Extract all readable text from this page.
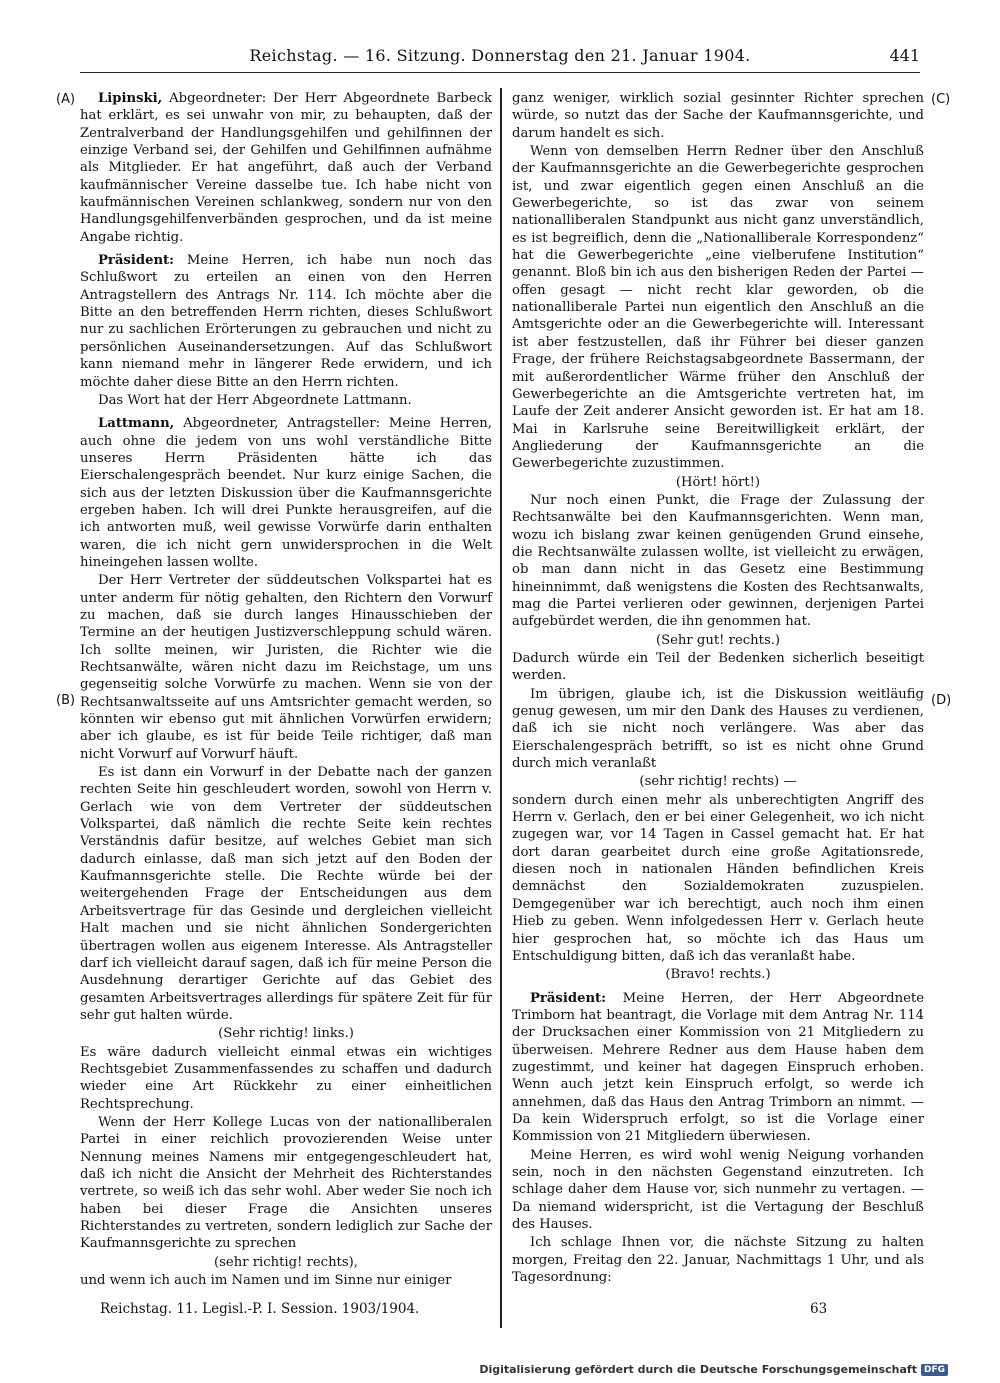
Reichstag. — 16. Sitzung. Donnerstag den 21. Januar 1904.	441
(A)
(B)
(C)
(D)

Lipinski, Abgeordneter: Der Herr Abgeordnete Barbeck hat erklärt, es sei unwahr von mir, zu behaupten, daß der Zentralverband der Handlungsgehilfen und gehilfinnen der einzige Verband sei, der Gehilfen und Gehilfinnen aufnähme als Mitglieder. Er hat angeführt, daß auch der Verband kaufmännischer Vereine dasselbe tue. Ich habe nicht von kaufmännischen Vereinen schlankweg, sondern nur von den Handlungsgehilfenverbänden gesprochen, und da ist meine Angabe richtig.

Präsident: Meine Herren, ich habe nun noch das Schlußwort zu erteilen an einen von den Herren Antragstellern des Antrags Nr. 114. Ich möchte aber die Bitte an den betreffenden Herrn richten, dieses Schlußwort nur zu sachlichen Erörterungen zu gebrauchen und nicht zu persönlichen Auseinandersetzungen. Auf das Schlußwort kann niemand mehr in längerer Rede erwidern, und ich möchte daher diese Bitte an den Herrn richten.

Das Wort hat der Herr Abgeordnete Lattmann.

Lattmann, Abgeordneter, Antragsteller: Meine Herren, auch ohne die jedem von uns wohl verständliche Bitte unseres Herrn Präsidenten hätte ich das Eierschalengespräch beendet. Nur kurz einige Sachen, die sich aus der letzten Diskussion über die Kaufmannsgerichte ergeben haben. Ich will drei Punkte herausgreifen, auf die ich antworten muß, weil gewisse Vorwürfe darin enthalten waren, die ich nicht gern unwidersprochen in die Welt hineingehen lassen wollte.

Der Herr Vertreter der süddeutschen Volkspartei hat es unter anderm für nötig gehalten, den Richtern den Vorwurf zu machen, daß sie durch langes Hinausschieben der Termine an der heutigen Justizverschleppung schuld wären. Ich sollte meinen, wir Juristen, die Richter wie die Rechtsanwälte, wären nicht dazu im Reichstage, um uns gegenseitig solche Vorwürfe zu machen. Wenn sie von der Rechtsanwaltsseite auf uns Amtsrichter gemacht werden, so könnten wir ebenso gut mit ähnlichen Vorwürfen erwidern; aber ich glaube, es ist für beide Teile richtiger, daß man nicht Vorwurf auf Vorwurf häuft.

Es ist dann ein Vorwurf in der Debatte nach der ganzen rechten Seite hin geschleudert worden, sowohl von Herrn v. Gerlach wie von dem Vertreter der süddeutschen Volkspartei, daß nämlich die rechte Seite kein rechtes Verständnis dafür besitze, auf welches Gebiet man sich dadurch einlasse, daß man sich jetzt auf den Boden der Kaufmannsgerichte stelle. Die Rechte würde bei der weitergehenden Frage der Entscheidungen aus dem Arbeitsvertrage für das Gesinde und dergleichen vielleicht Halt machen und sie nicht ähnlichen Sondergerichten übertragen wollen aus eigenem Interesse. Als Antragsteller darf ich vielleicht darauf sagen, daß ich für meine Person die Ausdehnung derartiger Gerichte auf das Gebiet des gesamten Arbeitsvertrages allerdings für spätere Zeit für für sehr gut halten würde.

(Sehr richtig! links.)

Es wäre dadurch vielleicht einmal etwas ein wichtiges Rechtsgebiet Zusammenfassendes zu schaffen und dadurch wieder eine Art Rückkehr zu einer einheitlichen Rechtsprechung.

Wenn der Herr Kollege Lucas von der nationalliberalen Partei in einer reichlich provozierenden Weise unter Nennung meines Namens mir entgegengeschleudert hat, daß ich nicht die Ansicht der Mehrheit des Richterstandes vertrete, so weiß ich das sehr wohl. Aber weder Sie noch ich haben bei dieser Frage die Ansichten unseres Richterstandes zu vertreten, sondern lediglich zur Sache der Kaufmannsgerichte zu sprechen

(sehr richtig! rechts),

und wenn ich auch im Namen und im Sinne nur einiger

ganz weniger, wirklich sozial gesinnter Richter sprechen würde, so nutzt das der Sache der Kaufmannsgerichte, und darum handelt es sich.

Wenn von demselben Herrn Redner über den Anschluß der Kaufmannsgerichte an die Gewerbegerichte gesprochen ist, und zwar eigentlich gegen einen Anschluß an die Gewerbegerichte, so ist das zwar von seinem nationalliberalen Standpunkt aus nicht ganz unverständlich, es ist begreiflich, denn die „Nationalliberale Korrespondenz“ hat die Gewerbegerichte „eine vielberufene Institution“ genannt. Bloß bin ich aus den bisherigen Reden der Partei — offen gesagt — nicht recht klar geworden, ob die nationalliberale Partei nun eigentlich den Anschluß an die Amtsgerichte oder an die Gewerbegerichte will. Interessant ist aber festzustellen, daß ihr Führer bei dieser ganzen Frage, der frühere Reichstagsabgeordnete Bassermann, der mit außerordentlicher Wärme früher den Anschluß der Gewerbegerichte an die Amtsgerichte vertreten hat, im Laufe der Zeit anderer Ansicht geworden ist. Er hat am 18. Mai in Karlsruhe seine Bereitwilligkeit erklärt, der Angliederung der Kaufmannsgerichte an die Gewerbegerichte zuzustimmen.

(Hört! hört!)

Nur noch einen Punkt, die Frage der Zulassung der Rechtsanwälte bei den Kaufmannsgerichten. Wenn man, wozu ich bislang zwar keinen genügenden Grund einsehe, die Rechtsanwälte zulassen wollte, ist vielleicht zu erwägen, ob man dann nicht in das Gesetz eine Bestimmung hineinnimmt, daß wenigstens die Kosten des Rechtsanwalts, mag die Partei verlieren oder gewinnen, derjenigen Partei aufgebürdet werden, die ihn genommen hat.

(Sehr gut! rechts.)

Dadurch würde ein Teil der Bedenken sicherlich beseitigt werden.

Im übrigen, glaube ich, ist die Diskussion weitläufig genug gewesen, um mir den Dank des Hauses zu verdienen, daß ich sie nicht noch verlängere. Was aber das Eierschalengespräch betrifft, so ist es nicht ohne Grund durch mich veranlaßt

(sehr richtig! rechts) —

sondern durch einen mehr als unberechtigten Angriff des Herrn v. Gerlach, den er bei einer Gelegenheit, wo ich nicht zugegen war, vor 14 Tagen in Cassel gemacht hat. Er hat dort daran gearbeitet durch eine große Agitationsrede, diesen noch in nationalen Händen befindlichen Kreis demnächst den Sozialdemokraten zuzuspielen. Demgegenüber war ich berechtigt, auch noch ihm einen Hieb zu geben. Wenn infolgedessen Herr v. Gerlach heute hier gesprochen hat, so möchte ich das Haus um Entschuldigung bitten, daß ich das veranlaßt habe.

(Bravo! rechts.)

Präsident: Meine Herren, der Herr Abgeordnete Trimborn hat beantragt, die Vorlage mit dem Antrag Nr. 114 der Drucksachen einer Kommission von 21 Mitgliedern zu überweisen. Mehrere Redner aus dem Hause haben dem zugestimmt, und keiner hat dagegen Einspruch erhoben. Wenn auch jetzt kein Einspruch erfolgt, so werde ich annehmen, daß das Haus den Antrag Trimborn an nimmt. — Da kein Widerspruch erfolgt, so ist die Vorlage einer Kommission von 21 Mitgliedern überwiesen.

Meine Herren, es wird wohl wenig Neigung vorhanden sein, noch in den nächsten Gegenstand einzutreten. Ich schlage daher dem Hause vor, sich nunmehr zu vertagen. — Da niemand widerspricht, ist die Vertagung der Beschluß des Hauses.

Ich schlage Ihnen vor, die nächste Sitzung zu halten morgen, Freitag den 22. Januar, Nachmittags 1 Uhr, und als Tagesordnung:

Reichstag. 11. Legisl.-P. I. Session. 1903/1904.	63
Digitalisierung gefördert durch die Deutsche Forschungsgemeinschaft DFG
